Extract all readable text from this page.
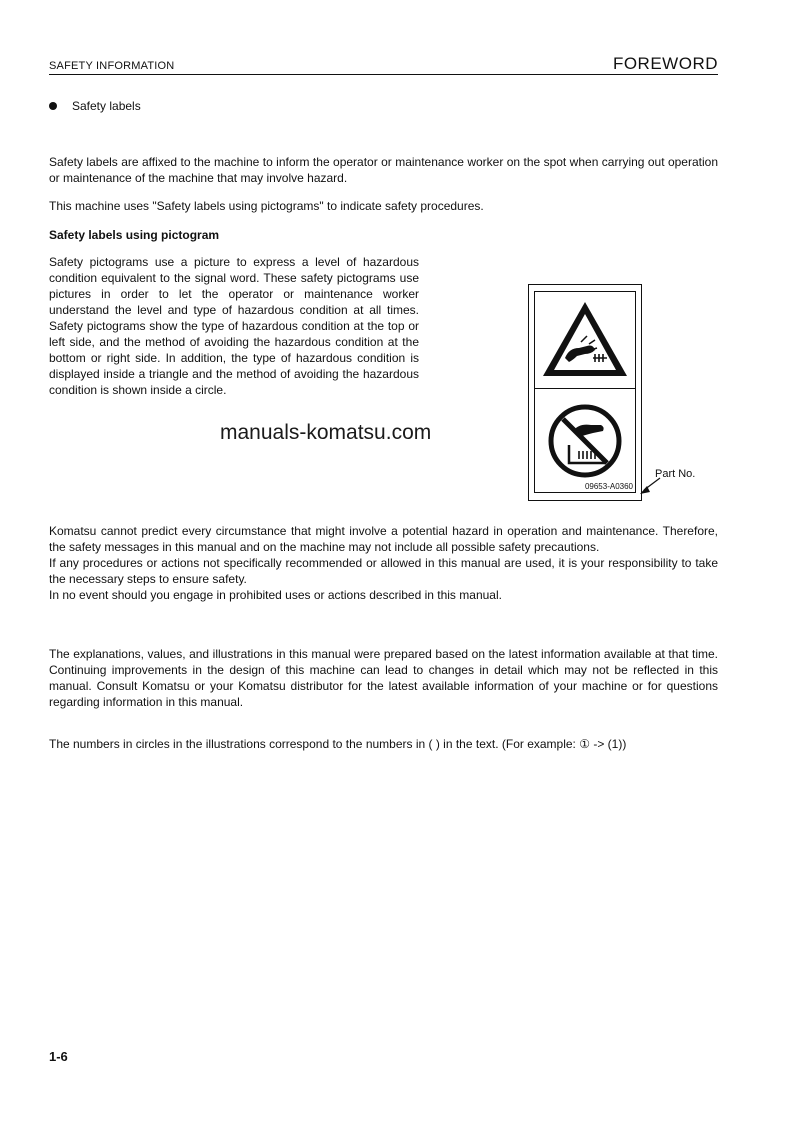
SAFETY INFORMATION	FOREWORD
Safety labels

Safety labels are affixed to the machine to inform the operator or maintenance worker on the spot when carrying out operation or maintenance of the machine that may involve hazard.

This machine uses "Safety labels using pictograms" to indicate safety procedures.

Safety labels using pictogram
Safety pictograms use a picture to express a level of hazardous condition equivalent to the signal word. These safety pictograms use pictures in order to let the operator or maintenance worker understand the level and type of hazardous condition at all times. Safety pictograms show the type of hazardous condition at the top or left side, and the method of avoiding the hazardous condition at the bottom or right side. In addition, the type of hazardous condition is displayed inside a triangle and the method of avoiding the hazardous condition is shown inside a circle.
manuals-komatsu.com
09653-A0360
Part No.

Komatsu cannot predict every circumstance that might involve a potential hazard in operation and maintenance. Therefore, the safety messages in this manual and on the machine may not include all possible safety precautions.

If any procedures or actions not specifically recommended or allowed in this manual are used, it is your responsibility to take the necessary steps to ensure safety.

In no event should you engage in prohibited uses or actions described in this manual.

The explanations, values, and illustrations in this manual were prepared based on the latest information available at that time. Continuing improvements in the design of this machine can lead to changes in detail which may not be reflected in this manual. Consult Komatsu or your Komatsu distributor for the latest available information of your machine or for questions regarding information in this manual.

The numbers in circles in the illustrations correspond to the numbers in ( ) in the text. (For example: ① -> (1))

1-6
